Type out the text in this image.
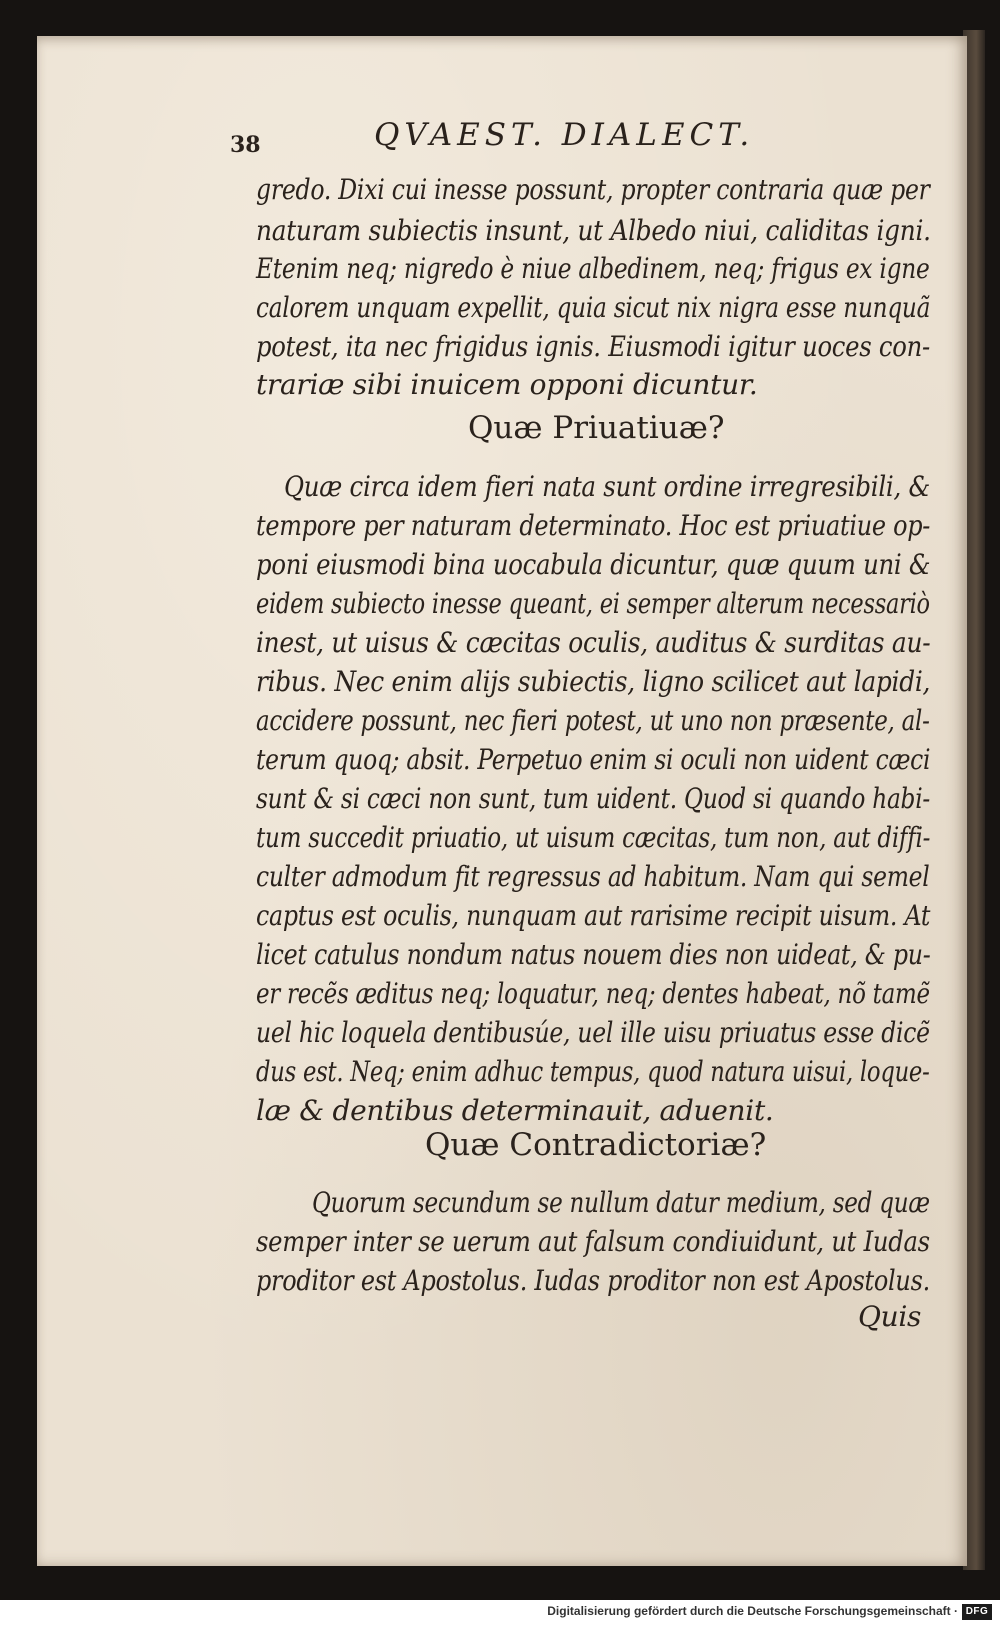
38	QVAEST. DIALECT.
gredo. Dixi cui inesse possunt, propter contraria quæ per
naturam subiectis insunt, ut Albedo niui, caliditas igni.
Etenim neq; nigredo è niue albedinem, neq; frigus ex igne
calorem unquam expellit, quia sicut nix nigra esse nunquã
potest, ita nec frigidus ignis. Eiusmodi igitur uoces con-
trariæ sibi inuicem opponi dicuntur.
Quæ Priuatiuæ?
Quæ circa idem fieri nata sunt ordine irregresibili, &
tempore per naturam determinato. Hoc est priuatiue op-
poni eiusmodi bina uocabula dicuntur, quæ quum uni &
eidem subiecto inesse queant, ei semper alterum necessariò
inest, ut uisus & cæcitas oculis, auditus & surditas au-
ribus. Nec enim alijs subiectis, ligno scilicet aut lapidi,
accidere possunt, nec fieri potest, ut uno non præsente, al-
terum quoq; absit. Perpetuo enim si oculi non uident cæci
sunt & si cæci non sunt, tum uident. Quod si quando habi-
tum succedit priuatio, ut uisum cæcitas, tum non, aut diffi-
culter admodum fit regressus ad habitum. Nam qui semel
captus est oculis, nunquam aut rarisime recipit uisum. At
licet catulus nondum natus nouem dies non uideat, & pu-
er recẽs æditus neq; loquatur, neq; dentes habeat, nõ tamẽ
uel hic loquela dentibusúe, uel ille uisu priuatus esse dicẽ
dus est. Neq; enim adhuc tempus, quod natura uisui, loque-
læ & dentibus determinauit, aduenit.
Quæ Contradictoriæ?
Quorum secundum se nullum datur medium, sed quæ
semper inter se uerum aut falsum condiuidunt, ut Iudas
proditor est Apostolus. Iudas proditor non est Apostolus.
Quis
Digitalisierung gefördert durch die Deutsche Forschungsgemeinschaft · DFG
